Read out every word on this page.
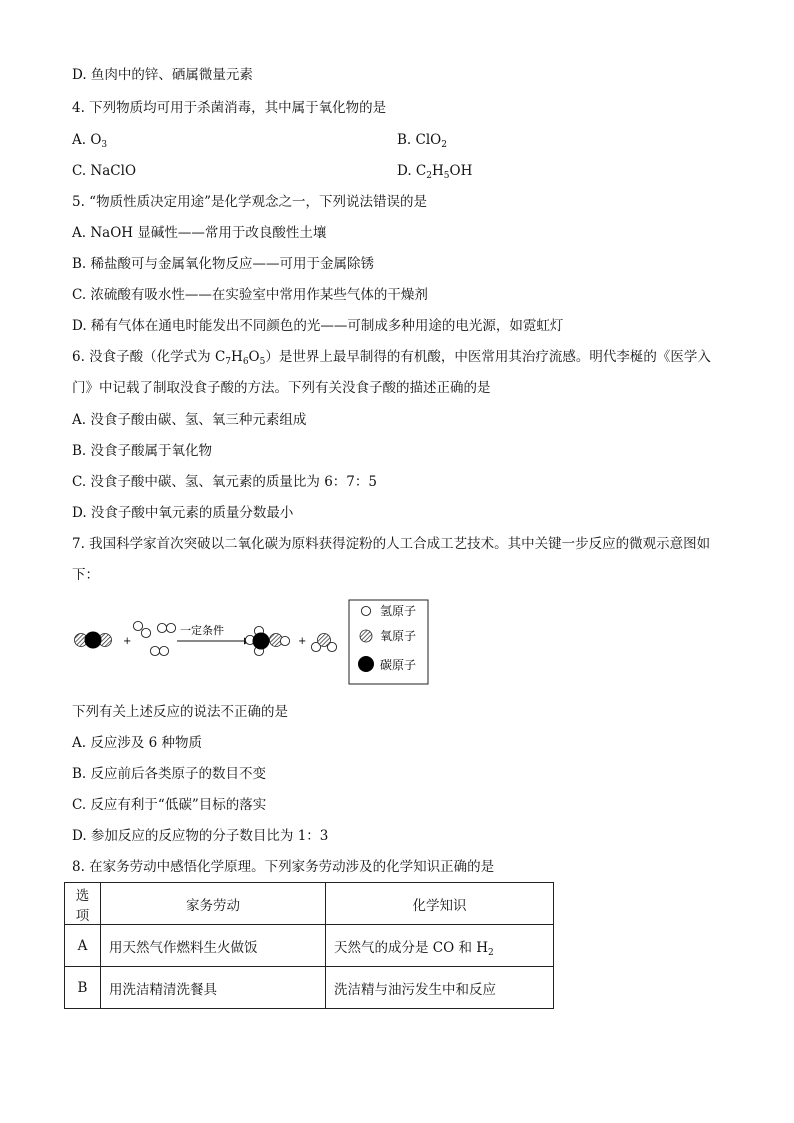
D. 鱼肉中的锌、硒属微量元素
4. 下列物质均可用于杀菌消毒，其中属于氧化物的是
A. $O_3$	B. ClO$_2$
C. NaClO	D. $C_2H_5OH$
5. “物质性质决定用途”是化学观念之一，下列说法错误的是
A. NaOH 显碱性——常用于改良酸性土壤
B. 稀盐酸可与金属氧化物反应——可用于金属除锈
C. 浓硫酸有吸水性——在实验室中常用作某些气体的干燥剂
D. 稀有气体在通电时能发出不同颜色的光——可制成多种用途的电光源，如霓虹灯
6. 没食子酸（化学式为 $C_7H_6O_5$）是世界上最早制得的有机酸，中医常用其治疗流感。明代李梴的《医学入门》中记载了制取没食子酸的方法。下列有关没食子酸的描述正确的是
A. 没食子酸由碳、氢、氧三种元素组成
B. 没食子酸属于氧化物
C. 没食子酸中碳、氢、氧元素的质量比为 6：7：5
D. 没食子酸中氧元素的质量分数最小
7. 我国科学家首次突破以二氧化碳为原料获得淀粉的人工合成工艺技术。其中关键一步反应的微观示意图如下：
+
一定条件
+
氢原子
氧原子
碳原子
下列有关上述反应的说法不正确的是
A. 反应涉及 6 种物质
B. 反应前后各类原子的数目不变
C. 反应有利于“低碳”目标的落实
D. 参加反应的反应物的分子数目比为 1：3
8. 在家务劳动中感悟化学原理。下列家务劳动涉及的化学知识正确的是
选项	家务劳动	化学知识
A	用天然气作燃料生火做饭	天然气的成分是 CO 和 $H_2$
B	用洗洁精清洗餐具	洗洁精与油污发生中和反应
